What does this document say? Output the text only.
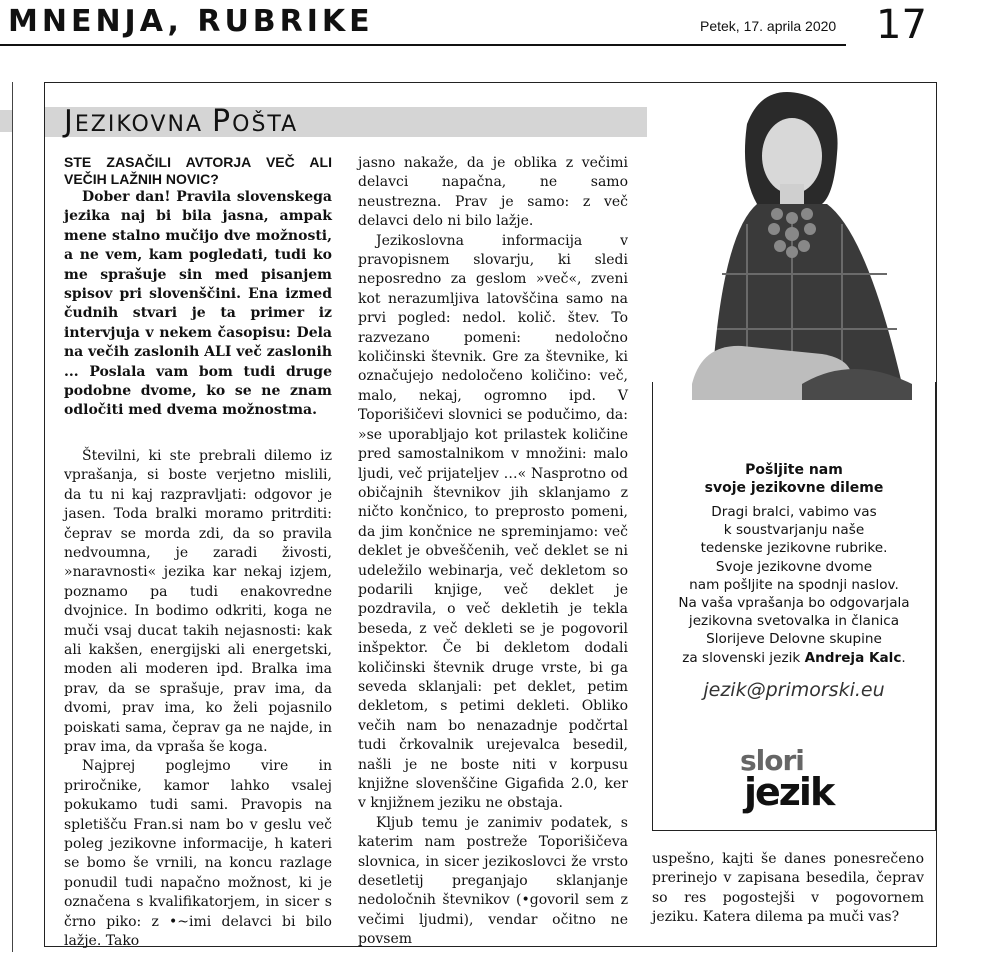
MNENJA, RUBRIKE	Petek, 17. aprila 2020 17
JEZIKOVNA POŠTA

STE ZASAČILI AVTORJA VEČ ALI VEČIH LAŽNIH NOVIC?

Dober dan! Pravila slovenskega jezika naj bi bila jasna, ampak mene stalno mučijo dve možnosti, a ne vem, kam pogledati, tudi ko me sprašuje sin med pisanjem spisov pri slovenščini. Ena izmed čudnih stvari je ta primer iz intervjuja v nekem časopisu: Dela na večih zaslonih ALI več zaslonih ... Poslala vam bom tudi druge podobne dvome, ko se ne znam odločiti med dvema možnostma.

Številni, ki ste prebrali dilemo iz vprašanja, si boste verjetno mislili, da tu ni kaj razpravljati: odgovor je jasen. Toda bralki moramo pritrditi: čeprav se morda zdi, da so pravila nedvoumna, je zaradi živosti, »naravnosti« jezika kar nekaj izjem, poznamo pa tudi enakovredne dvojnice. In bodimo odkriti, koga ne muči vsaj ducat takih nejasnosti: kak ali kakšen, energijski ali energetski, moden ali moderen ipd. Bralka ima prav, da se sprašuje, prav ima, da dvomi, prav ima, ko želi pojasnilo poiskati sama, čeprav ga ne najde, in prav ima, da vpraša še koga.

Najprej poglejmo vire in priročnike, kamor lahko vsalej pokukamo tudi sami. Pravopis na spletišču Fran.si nam bo v geslu več poleg jezikovne informacije, h kateri se bomo še vrnili, na koncu razlage ponudil tudi napačno možnost, ki je označena s kvalifikatorjem, in sicer s črno piko: z •~imi delavci bi bilo lažje. Tako

jasno nakaže, da je oblika z večimi delavci napačna, ne samo neustrezna. Prav je samo: z več delavci delo ni bilo lažje.

Jezikoslovna informacija v pravopisnem slovarju, ki sledi neposredno za geslom »več«, zveni kot nerazumljiva latovščina samo na prvi pogled: nedol. količ. štev. To razvezano pomeni: nedoločno količinski števnik. Gre za števnike, ki označujejo nedoločeno količino: več, malo, nekaj, ogromno ipd. V Toporišičevi slovnici se podučimo, da: »se uporabljajo kot prilastek količine pred samostalnikom v množini: malo ljudi, več prijateljev …« Nasprotno od običajnih števnikov jih sklanjamo z ničto končnico, to preprosto pomeni, da jim končnice ne spreminjamo: več deklet je obveščenih, več deklet se ni udeležilo webinarja, več dekletom so podarili knjige, več deklet je pozdravila, o več dekletih je tekla beseda, z več dekleti se je pogovoril inšpektor. Če bi dekletom dodali količinski števnik druge vrste, bi ga seveda sklanjali: pet deklet, petim dekletom, s petimi dekleti. Obliko večih nam bo nenazadnje podčrtal tudi črkovalnik urejevalca besedil, našli je ne boste niti v korpusu knjižne slovenščine Gigafida 2.0, ker v knjižnem jeziku ne obstaja.

Kljub temu je zanimiv podatek, s katerim nam postreže Toporišičeva slovnica, in sicer jezikoslovci že vrsto desetletij preganjajo sklanjanje nedoločnih števnikov (•govoril sem z večimi ljudmi), vendar očitno ne povsem

Pošljite nam
svoje jezikovne dileme
Dragi bralci, vabimo vas
k soustvarjanju naše
tedenske jezikovne rubrike.
Svoje jezikovne dvome
nam pošljite na spodnji naslov.
Na vaša vprašanja bo odgovarjala
jezikovna svetovalka in članica
Slorijeve Delovne skupine
za slovenski jezik Andreja Kalc.
jezik@primorski.eu
slori
jezik

uspešno, kajti še danes ponesrečeno prerinejo v zapisana besedila, čeprav so res pogostejši v pogovornem jeziku. Katera dilema pa muči vas?
